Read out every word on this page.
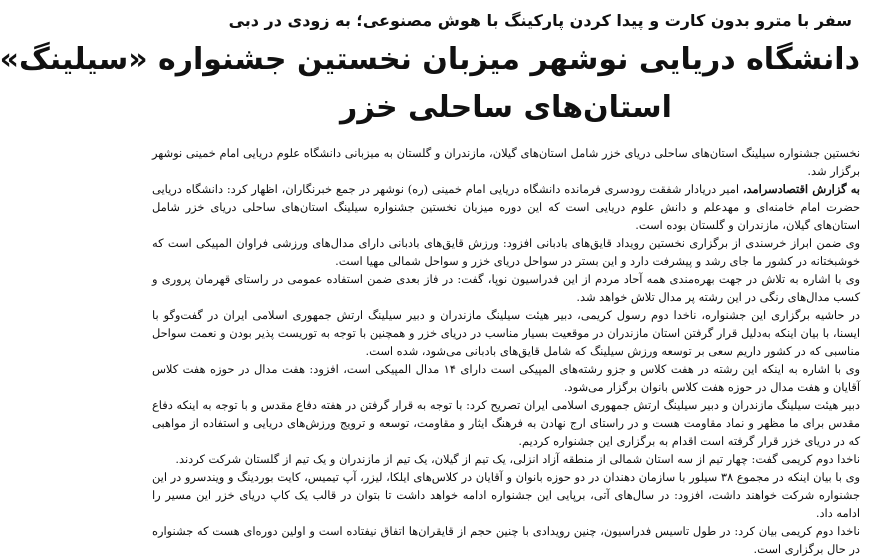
سفر با مترو بدون کارت و پیدا کردن پارکینگ با هوش مصنوعی؛ به زودی در دبی
دانشگاه دریایی نوشهر میزبان نخستین جشنواره «سیلینگ»
استان‌های ساحلی خزر

نخستین جشنواره سیلینگ استان‌های ساحلی دریای خزر شامل استان‌های گیلان، مازندران و گلستان به میزبانی دانشگاه علوم دریایی امام خمینی نوشهر برگزار شد.

به گزارش اقتصادسرامد، امیر دریادار شفقت رودسری فرمانده دانشگاه دریایی امام خمینی (ره) نوشهر در جمع خبرنگاران، اظهار کرد: دانشگاه دریایی حضرت امام خامنه‌ای و مهدعلم و دانش علوم دریایی است که این دوره میزبان نخستین جشنواره سیلینگ استان‌های ساحلی دریای خزر شامل استان‌های گیلان، مازندران و گلستان بوده است.

وی ضمن ابراز خرسندی از برگزاری نخستین رویداد قایق‌های بادبانی افزود: ورزش قایق‌های بادبانی دارای مدال‌های ورزشی فراوان المپیکی است که خوشبختانه در کشور ما جای رشد و پیشرفت دارد و این بستر در سواحل دریای خزر و سواحل شمالی مهیا است.

وی با اشاره به تلاش در جهت بهره‌مندی همه آحاد مردم از این فدراسیون نوپا، گفت: در فاز بعدی ضمن استفاده عمومی در راستای قهرمان پروری و کسب مدال‌های رنگی در این رشته پر مدال تلاش خواهد شد.

در حاشیه برگزاری این جشنواره، ناخدا دوم رسول کریمی، دبیر هیئت سیلینگ مازندران و دبیر سیلینگ ارتش جمهوری اسلامی ایران در گفت‌وگو با ایسنا، با بیان اینکه به‌دلیل قرار گرفتن استان مازندران در موقعیت بسیار مناسب در دریای خزر و همچنین با توجه به توریست پذیر بودن و نعمت سواحل مناسبی که در کشور داریم سعی بر توسعه ورزش سیلینگ که شامل قایق‌های بادبانی می‌شود، شده است.

وی با اشاره به اینکه این رشته در هفت کلاس و جزو رشته‌های المپیکی است دارای ۱۴ مدال المپیکی است، افزود: هفت مدال در حوزه هفت کلاس آقایان و هفت مدال در حوزه هفت کلاس بانوان برگزار می‌شود.

دبیر هیئت سیلینگ مازندران و دبیر سیلینگ ارتش جمهوری اسلامی ایران تصریح کرد: با توجه به قرار گرفتن در هفته دفاع مقدس و با توجه به اینکه دفاع مقدس برای ما مظهر و نماد مقاومت هست و در راستای ارج نهادن به فرهنگ ایثار و مقاومت، توسعه و ترویج ورزش‌های دریایی و استفاده از مواهبی که در دریای خزر قرار گرفته است اقدام به برگزاری این جشنواره کردیم.

ناخدا دوم کریمی گفت: چهار تیم از سه استان شمالی از منطقه آزاد انزلی، یک تیم از گیلان، یک تیم از مازندران و یک تیم از گلستان شرکت کردند.

وی با بیان اینکه در مجموع ۳۸ سیلور با سازمان دهندان در دو حوزه بانوان و آقایان در کلاس‌های ایلکا، لیزر، آپ تیمیس، کایت بوردینگ و ویندسرو در این جشنواره شرکت خواهند داشت، افزود: در سال‌های آتی، برپایی این جشنواره ادامه خواهد داشت تا بتوان در قالب یک کاپ دریای خزر این مسیر را ادامه داد.

ناخدا دوم کریمی بیان کرد: در طول تاسیس فدراسیون، چنین رویدادی با چنین حجم از قایقران‌ها اتفاق نیفتاده است و اولین دوره‌ای هست که جشنواره در حال برگزاری است.
